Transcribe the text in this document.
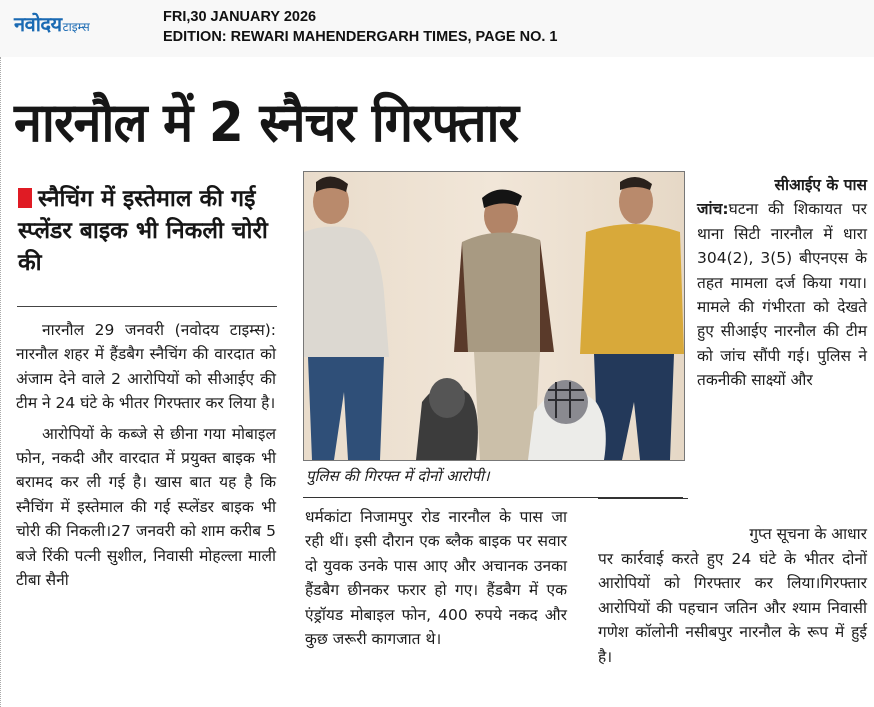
नवोदय टाइम्स
FRI,30 JANUARY 2026
EDITION: REWARI MAHENDERGARH TIMES, PAGE NO. 1
नारनौल में 2 स्नैचर गिरफ्तार
स्नैचिंग में इस्तेमाल की गई स्प्लेंडर बाइक भी निकली चोरी की

नारनौल 29 जनवरी (नवोदय टाइम्स): नारनौल शहर में हैंडबैग स्नैचिंग की वारदात को अंजाम देने वाले 2 आरोपियों को सीआईए की टीम ने 24 घंटे के भीतर गिरफ्तार कर लिया है।

आरोपियों के कब्जे से छीना गया मोबाइल फोन, नकदी और वारदात में प्रयुक्त बाइक भी बरामद कर ली गई है। खास बात यह है कि स्नैचिंग में इस्तेमाल की गई स्प्लेंडर बाइक भी चोरी की निकली।27 जनवरी को शाम करीब 5 बजे रिंकी पत्नी सुशील, निवासी मोहल्ला माली टीबा सैनी

पुलिस की गिरफ्त में दोनों आरोपी।

धर्मकांटा निजामपुर रोड नारनौल के पास जा रही थीं। इसी दौरान एक ब्लैक बाइक पर सवार दो युवक उनके पास आए और अचानक उनका हैंडबैग छीनकर फरार हो गए। हैंडबैग में एक एंड्रॉयड मोबाइल फोन, 400 रुपये नकद और कुछ जरूरी कागजात थे।

सीआईए के पास

जांच:घटना की शिकायत पर थाना सिटी नारनौल में धारा 304(2), 3(5) बीएनएस के तहत मामला दर्ज किया गया। मामले की गंभीरता को देखते हुए सीआईए नारनौल की टीम को जांच सौंपी गई। पुलिस ने तकनीकी साक्ष्यों और

गुप्त सूचना के आधार

पर कार्रवाई करते हुए 24 घंटे के भीतर दोनों आरोपियों को गिरफ्तार कर लिया।गिरफ्तार आरोपियों की पहचान जतिन और श्याम निवासी गणेश कॉलोनी नसीबपुर नारनौल के रूप में हुई है।
